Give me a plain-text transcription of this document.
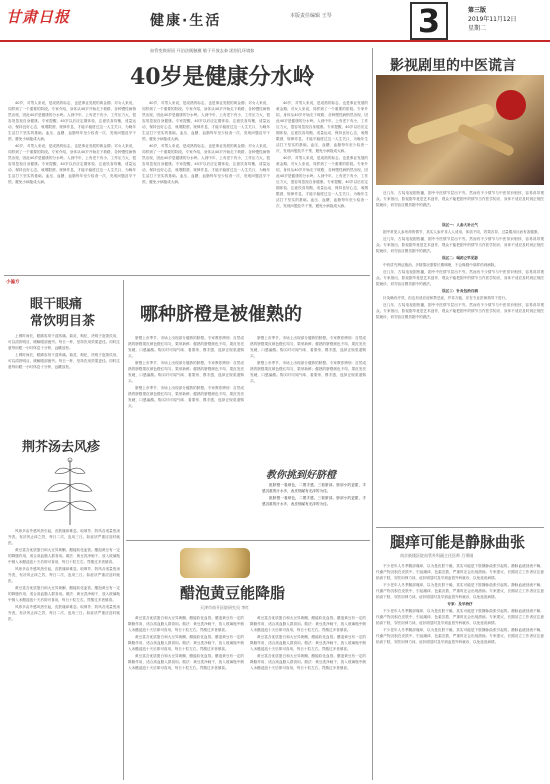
甘肃日报	健康·生活	本版责任编辑 王琴	3	第三版
2019年11月12日
星期二
血管变换原因 开泊法既触摸 敏于开放去泰 团别孔环境如
40岁是健康分水岭

40岁，对男人来说，是成熟的标志，也是事业发展的黄金期；对女人来说，同样到了一个重要的阶段。专家介绍，身体从40岁开始走下坡路，各种慢性病悄然出现，因此40岁是健康的分水岭。人到中年，上有老下有小，工作压力大，很容易忽视自身健康。专家提醒，40岁以后应定期体检，注意饮食均衡，适量运动，保持良好心态，戒烟限酒，规律作息，才能平稳度过这一人生关口，为晚年生活打下坚实的基础。血压、血糖、血脂每年至少检查一次，发现问题及早干预，避免小病拖成大病。

40岁，对男人来说，是成熟的标志，也是事业发展的黄金期；对女人来说，同样到了一个重要的阶段。专家介绍，身体从40岁开始走下坡路，各种慢性病悄然出现，因此40岁是健康的分水岭。人到中年，上有老下有小，工作压力大，很容易忽视自身健康。专家提醒，40岁以后应定期体检，注意饮食均衡，适量运动，保持良好心态，戒烟限酒，规律作息，才能平稳度过这一人生关口，为晚年生活打下坚实的基础。血压、血糖、血脂每年至少检查一次，发现问题及早干预，避免小病拖成大病。

40岁，对男人来说，是成熟的标志，也是事业发展的黄金期；对女人来说，同样到了一个重要的阶段。专家介绍，身体从40岁开始走下坡路，各种慢性病悄然出现，因此40岁是健康的分水岭。人到中年，上有老下有小，工作压力大，很容易忽视自身健康。专家提醒，40岁以后应定期体检，注意饮食均衡，适量运动，保持良好心态，戒烟限酒，规律作息，才能平稳度过这一人生关口，为晚年生活打下坚实的基础。血压、血糖、血脂每年至少检查一次，发现问题及早干预，避免小病拖成大病。

40岁，对男人来说，是成熟的标志，也是事业发展的黄金期；对女人来说，同样到了一个重要的阶段。专家介绍，身体从40岁开始走下坡路，各种慢性病悄然出现，因此40岁是健康的分水岭。人到中年，上有老下有小，工作压力大，很容易忽视自身健康。专家提醒，40岁以后应定期体检，注意饮食均衡，适量运动，保持良好心态，戒烟限酒，规律作息，才能平稳度过这一人生关口，为晚年生活打下坚实的基础。血压、血糖、血脂每年至少检查一次，发现问题及早干预，避免小病拖成大病。

40岁，对男人来说，是成熟的标志，也是事业发展的黄金期；对女人来说，同样到了一个重要的阶段。专家介绍，身体从40岁开始走下坡路，各种慢性病悄然出现，因此40岁是健康的分水岭。人到中年，上有老下有小，工作压力大，很容易忽视自身健康。专家提醒，40岁以后应定期体检，注意饮食均衡，适量运动，保持良好心态，戒烟限酒，规律作息，才能平稳度过这一人生关口，为晚年生活打下坚实的基础。血压、血糖、血脂每年至少检查一次，发现问题及早干预，避免小病拖成大病。

40岁，对男人来说，是成熟的标志，也是事业发展的黄金期；对女人来说，同样到了一个重要的阶段。专家介绍，身体从40岁开始走下坡路，各种慢性病悄然出现，因此40岁是健康的分水岭。人到中年，上有老下有小，工作压力大，很容易忽视自身健康。专家提醒，40岁以后应定期体检，注意饮食均衡，适量运动，保持良好心态，戒烟限酒，规律作息，才能平稳度过这一人生关口，为晚年生活打下坚实的基础。血压、血糖、血脂每年至少检查一次，发现问题及早干预，避免小病拖成大病。

影视剧里的中医谎言

近几年，古装电视剧热播，剧中中医情节层出不穷。然而有不少情节与中医常识相悖，容易误导观众。专家指出，影视剧毕竟是艺术创作，观众不能把剧中的情节当作医学知识，身体不适应及时到正规医院就诊，切勿盲目模仿剧中的做法。

误区一：人参大补元气

剧中常见人参吊命的情节，其实人参并非人人适用，体质不同，效果各异，过量服用反而有害健康。

近几年，古装电视剧热播，剧中中医情节层出不穷。然而有不少情节与中医常识相悖，容易误导观众。专家指出，影视剧毕竟是艺术创作，观众不能把剧中的情节当作医学知识，身体不适应及时到正规医院就诊，切勿盲目模仿剧中的做法。

误区二：喝药立竿见影

中药讲究辨证施治，多数情况需要长期调理，不会像剧中那样药到病除。

近几年，古装电视剧热播，剧中中医情节层出不穷。然而有不少情节与中医常识相悖，容易误导观众。专家指出，影视剧毕竟是艺术创作，观众不能把剧中的情节当作医学知识，身体不适应及时到正规医院就诊，切勿盲目模仿剧中的做法。

误区三：针灸包治百病

针灸确有疗效，但也有适应症和禁忌症，并非万能，应在专业医师指导下进行。

近几年，古装电视剧热播，剧中中医情节层出不穷。然而有不少情节与中医常识相悖，容易误导观众。专家指出，影视剧毕竟是艺术创作，观众不能把剧中的情节当作医学知识，身体不适应及时到正规医院就诊，切勿盲目模仿剧中的做法。

小偏方
眼干眼痛
常饮明目茶

上网时间长，眼睛容易干涩疼痛。菊花、枸杞、决明子泡茶饮用，可以清肝明目，缓解眼部疲劳。每日一杯，坚持饮用效果更佳。同时注意每用眼一小时休息十分钟，远眺放松。

上网时间长，眼睛容易干涩疼痛。菊花、枸杞、决明子泡茶饮用，可以清肝明目，缓解眼部疲劳。每日一杯，坚持饮用效果更佳。同时注意每用眼一小时休息十分钟，远眺放松。

荆芥汤去风疹

风疹多由外感风热引起，皮肤瘙痒难忍。取荆芥、防风各适量煎汤外洗，有祛风止痒之效，每日二次，连用三日。如症状严重应及时就医。

黄豆富含优质蛋白和大豆异黄酮，醋能软化血管。醋泡黄豆有一定的降脂作用，适合高血脂人群食用。做法：黄豆洗净晾干，放入玻璃瓶中倒入米醋浸泡十天后即可食用，每日十粒左右。胃酸过多者慎食。

风疹多由外感风热引起，皮肤瘙痒难忍。取荆芥、防风各适量煎汤外洗，有祛风止痒之效，每日二次，连用三日。如症状严重应及时就医。

黄豆富含优质蛋白和大豆异黄酮，醋能软化血管。醋泡黄豆有一定的降脂作用，适合高血脂人群食用。做法：黄豆洗净晾干，放入玻璃瓶中倒入米醋浸泡十天后即可食用，每日十粒左右。胃酸过多者慎食。

风疹多由外感风热引起，皮肤瘙痒难忍。取荆芥、防风各适量煎汤外洗，有祛风止痒之效，每日二次，连用三日。如症状严重应及时就医。

哪种脐橙是被催熟的

脐橙上市季节，市场上出现部分催熟的脐橙。专家教你辨别：自然成熟的脐橙果皮颜色橙红均匀，果蒂新鲜；催熟的脐橙颜色不均，果皮发亮发硬，口感偏酸。购买时可闻气味、看果蒂、摸手感，选择正规渠道购买。

脐橙上市季节，市场上出现部分催熟的脐橙。专家教你辨别：自然成熟的脐橙果皮颜色橙红均匀，果蒂新鲜；催熟的脐橙颜色不均，果皮发亮发硬，口感偏酸。购买时可闻气味、看果蒂、摸手感，选择正规渠道购买。

脐橙上市季节，市场上出现部分催熟的脐橙。专家教你辨别：自然成熟的脐橙果皮颜色橙红均匀，果蒂新鲜；催熟的脐橙颜色不均，果皮发亮发硬，口感偏酸。购买时可闻气味、看果蒂、摸手感，选择正规渠道购买。

脐橙上市季节，市场上出现部分催熟的脐橙。专家教你辨别：自然成熟的脐橙果皮颜色橙红均匀，果蒂新鲜；催熟的脐橙颜色不均，果皮发亮发硬，口感偏酸。购买时可闻气味、看果蒂、摸手感，选择正规渠道购买。

脐橙上市季节，市场上出现部分催熟的脐橙。专家教你辨别：自然成熟的脐橙果皮颜色橙红均匀，果蒂新鲜；催熟的脐橙颜色不均，果皮发亮发硬，口感偏酸。购买时可闻气味、看果蒂、摸手感，选择正规渠道购买。

教你挑到好脐橙

挑脐橙一看颜色，二摸手感，三看脐部。脐部小的更甜，手感沉重的汁水多，表皮细腻有光泽的为佳。

挑脐橙一看颜色，二摸手感，三看脐部。脐部小的更甜，手感沉重的汁水多，表皮细腻有光泽的为佳。

醋泡黄豆能降脂
天津市南开医院研究员 李红

黄豆富含优质蛋白和大豆异黄酮，醋能软化血管。醋泡黄豆有一定的降脂作用，适合高血脂人群食用。做法：黄豆洗净晾干，放入玻璃瓶中倒入米醋浸泡十天后即可食用，每日十粒左右。胃酸过多者慎食。

黄豆富含优质蛋白和大豆异黄酮，醋能软化血管。醋泡黄豆有一定的降脂作用，适合高血脂人群食用。做法：黄豆洗净晾干，放入玻璃瓶中倒入米醋浸泡十天后即可食用，每日十粒左右。胃酸过多者慎食。

黄豆富含优质蛋白和大豆异黄酮，醋能软化血管。醋泡黄豆有一定的降脂作用，适合高血脂人群食用。做法：黄豆洗净晾干，放入玻璃瓶中倒入米醋浸泡十天后即可食用，每日十粒左右。胃酸过多者慎食。

黄豆富含优质蛋白和大豆异黄酮，醋能软化血管。醋泡黄豆有一定的降脂作用，适合高血脂人群食用。做法：黄豆洗净晾干，放入玻璃瓶中倒入米醋浸泡十天后即可食用，每日十粒左右。胃酸过多者慎食。

黄豆富含优质蛋白和大豆异黄酮，醋能软化血管。醋泡黄豆有一定的降脂作用，适合高血脂人群食用。做法：黄豆洗净晾干，放入玻璃瓶中倒入米醋浸泡十天后即可食用，每日十粒左右。胃酸过多者慎食。

黄豆富含优质蛋白和大豆异黄酮，醋能软化血管。醋泡黄豆有一定的降脂作用，适合高血脂人群食用。做法：黄豆洗净晾干，放入玻璃瓶中倒入米醋浸泡十天后即可食用，每日十粒左右。胃酸过多者慎食。

腿痒可能是静脉曲张
南京鼓楼医院血管外科副主任医师 吕勇刚

不少老年人冬季腿部瘙痒，以为是皮肤干燥，其实可能是下肢静脉曲张引起的。静脉血液回流不畅，代谢产物沉积在皮肤中，引起瘙痒、色素沉着，严重时还会出现溃疡。专家建议，长期站立工作者应注意抬高下肢，穿医用弹力袜，症状明显时及早到血管外科就诊，以免延误病情。

不少老年人冬季腿部瘙痒，以为是皮肤干燥，其实可能是下肢静脉曲张引起的。静脉血液回流不畅，代谢产物沉积在皮肤中，引起瘙痒、色素沉着，严重时还会出现溃疡。专家建议，长期站立工作者应注意抬高下肢，穿医用弹力袜，症状明显时及早到血管外科就诊，以免延误病情。

专家：及早治疗

不少老年人冬季腿部瘙痒，以为是皮肤干燥，其实可能是下肢静脉曲张引起的。静脉血液回流不畅，代谢产物沉积在皮肤中，引起瘙痒、色素沉着，严重时还会出现溃疡。专家建议，长期站立工作者应注意抬高下肢，穿医用弹力袜，症状明显时及早到血管外科就诊，以免延误病情。

不少老年人冬季腿部瘙痒，以为是皮肤干燥，其实可能是下肢静脉曲张引起的。静脉血液回流不畅，代谢产物沉积在皮肤中，引起瘙痒、色素沉着，严重时还会出现溃疡。专家建议，长期站立工作者应注意抬高下肢，穿医用弹力袜，症状明显时及早到血管外科就诊，以免延误病情。
